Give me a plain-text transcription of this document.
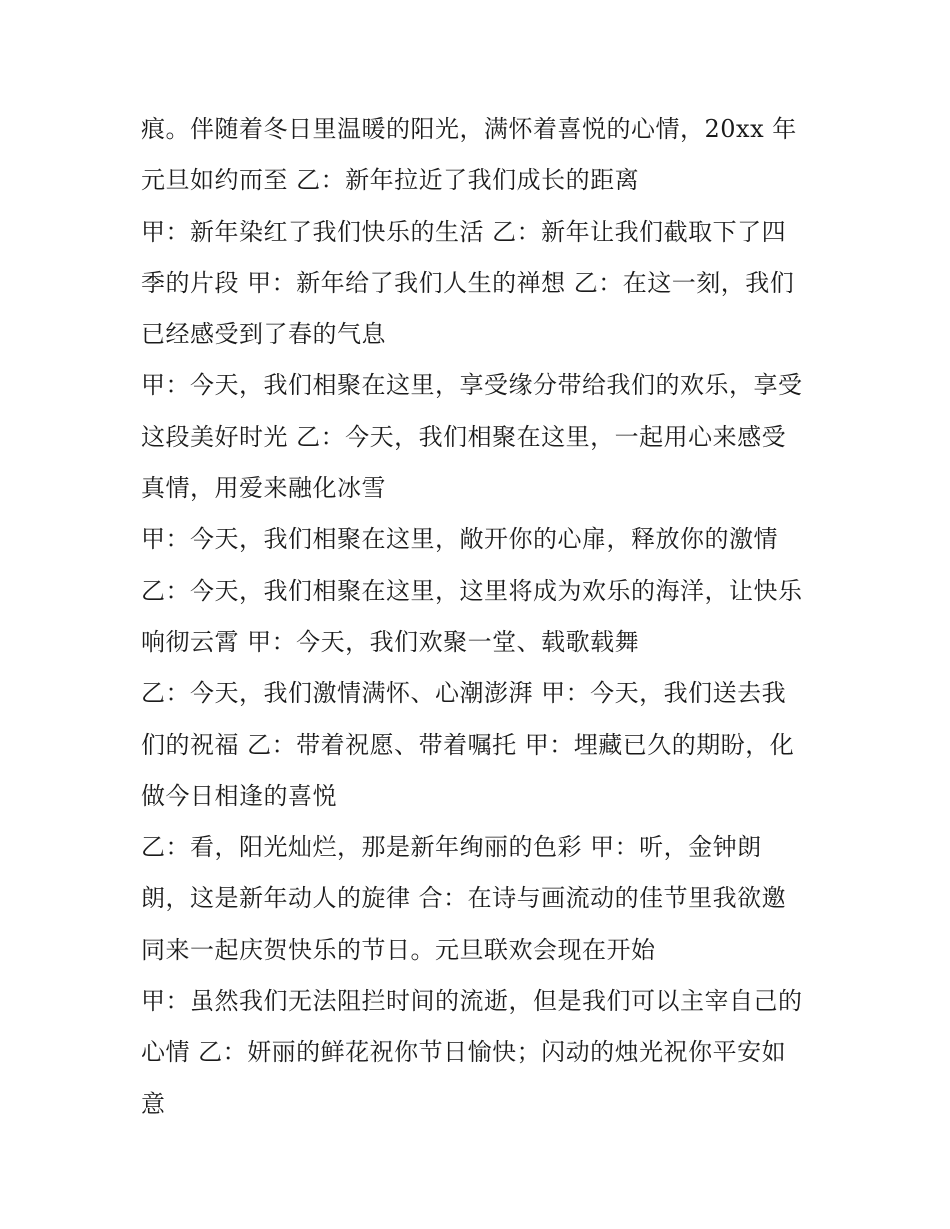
痕。伴随着冬日里温暖的阳光，满怀着喜悦的心情，20xx 年
元旦如约而至 乙：新年拉近了我们成长的距离
甲：新年染红了我们快乐的生活 乙：新年让我们截取下了四
季的片段 甲：新年给了我们人生的禅想 乙：在这一刻，我们
已经感受到了春的气息
甲：今天，我们相聚在这里，享受缘分带给我们的欢乐，享受
这段美好时光 乙：今天，我们相聚在这里，一起用心来感受
真情，用爱来融化冰雪
甲：今天，我们相聚在这里，敞开你的心扉，释放你的激情
乙：今天，我们相聚在这里，这里将成为欢乐的海洋，让快乐
响彻云霄 甲：今天，我们欢聚一堂、载歌载舞
乙：今天，我们激情满怀、心潮澎湃 甲：今天，我们送去我
们的祝福 乙：带着祝愿、带着嘱托 甲：埋藏已久的期盼，化
做今日相逢的喜悦
乙：看，阳光灿烂，那是新年绚丽的色彩 甲：听，金钟朗
朗，这是新年动人的旋律 合：在诗与画流动的佳节里我欲邀
同来一起庆贺快乐的节日。元旦联欢会现在开始
甲：虽然我们无法阻拦时间的流逝，但是我们可以主宰自己的
心情 乙：妍丽的鲜花祝你节日愉快；闪动的烛光祝你平安如
意
